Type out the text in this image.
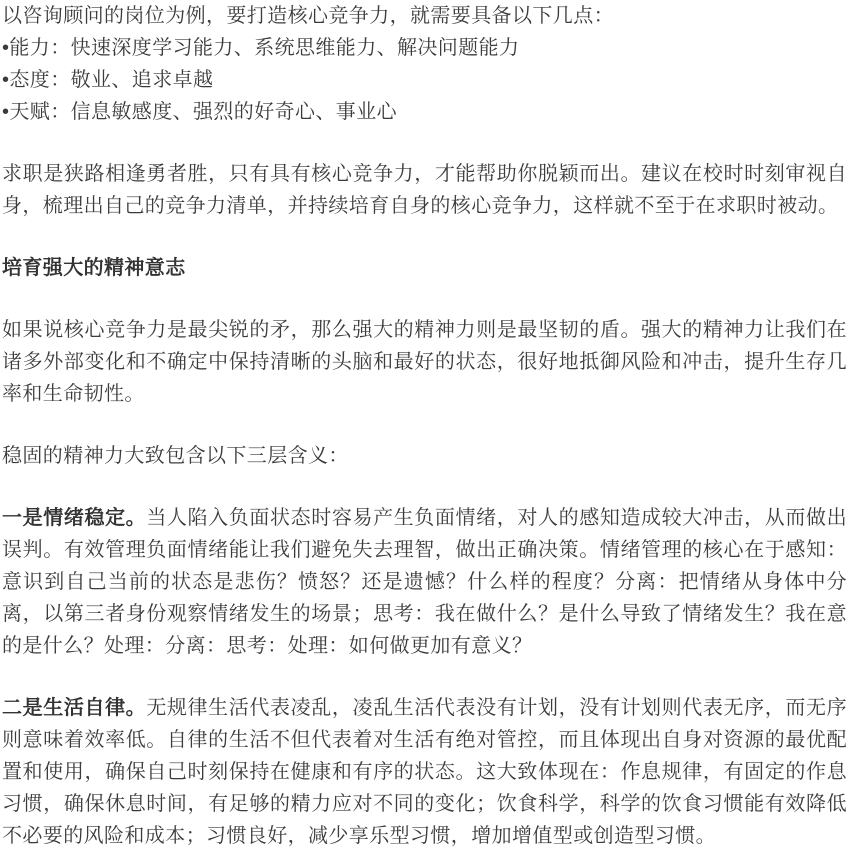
以咨询顾问的岗位为例，要打造核心竞争力，就需要具备以下几点：
•能力：快速深度学习能力、系统思维能力、解决问题能力
•态度：敬业、追求卓越
•天赋：信息敏感度、强烈的好奇心、事业心

求职是狭路相逢勇者胜，只有具有核心竞争力，才能帮助你脱颖而出。建议在校时时刻审视自身，梳理出自己的竞争力清单，并持续培育自身的核心竞争力，这样就不至于在求职时被动。

培育强大的精神意志

如果说核心竞争力是最尖锐的矛，那么强大的精神力则是最坚韧的盾。强大的精神力让我们在诸多外部变化和不确定中保持清晰的头脑和最好的状态，很好地抵御风险和冲击，提升生存几率和生命韧性。

稳固的精神力大致包含以下三层含义：

一是情绪稳定。当人陷入负面状态时容易产生负面情绪，对人的感知造成较大冲击，从而做出误判。有效管理负面情绪能让我们避免失去理智，做出正确决策。情绪管理的核心在于感知：意识到自己当前的状态是悲伤？愤怒？还是遗憾？什么样的程度？分离：把情绪从身体中分离，以第三者身份观察情绪发生的场景；思考：我在做什么？是什么导致了情绪发生？我在意的是什么？处理：分离：思考：处理：如何做更加有意义？

二是生活自律。无规律生活代表凌乱，凌乱生活代表没有计划，没有计划则代表无序，而无序则意味着效率低。自律的生活不但代表着对生活有绝对管控，而且体现出自身对资源的最优配置和使用，确保自己时刻保持在健康和有序的状态。这大致体现在：作息规律，有固定的作息习惯，确保休息时间，有足够的精力应对不同的变化；饮食科学，科学的饮食习惯能有效降低不必要的风险和成本；习惯良好，减少享乐型习惯，增加增值型或创造型习惯。
